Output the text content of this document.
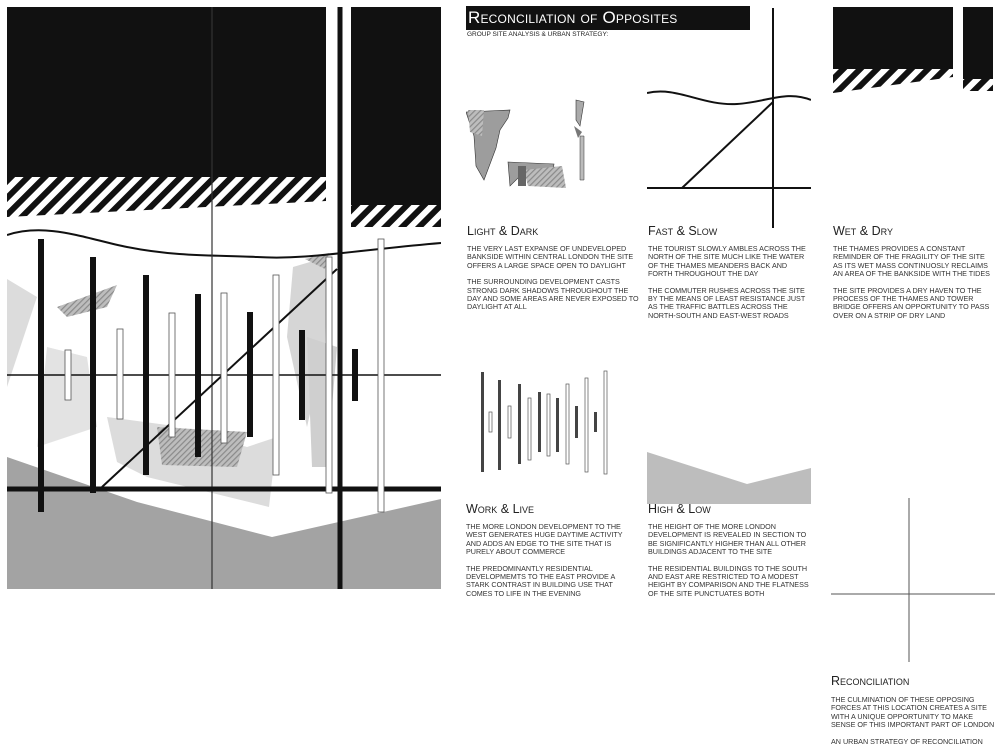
Reconciliation of Opposites
GROUP SITE ANALYSIS & URBAN STRATEGY:
Light & Dark

THE VERY LAST EXPANSE OF UNDEVELOPED BANKSIDE WITHIN CENTRAL LONDON THE SITE OFFERS A LARGE SPACE OPEN TO DAYLIGHT

THE SURROUNDING DEVELOPMENT CASTS STRONG DARK SHADOWS THROUGHOUT THE DAY AND SOME AREAS ARE NEVER EXPOSED TO DAYLIGHT AT ALL

Fast & Slow

THE TOURIST SLOWLY AMBLES ACROSS THE NORTH OF THE SITE MUCH LIKE THE WATER OF THE THAMES MEANDERS BACK AND FORTH THROUGHOUT THE DAY

THE COMMUTER RUSHES ACROSS THE SITE BY THE MEANS OF LEAST RESISTANCE JUST AS THE TRAFFIC BATTLES ACROSS THE NORTH-SOUTH AND EAST-WEST ROADS

Wet & Dry

THE THAMES PROVIDES A CONSTANT REMINDER OF THE FRAGILITY OF THE SITE AS ITS WET MASS CONTINUOSLY RECLAIMS AN AREA OF THE BANKSIDE WITH THE TIDES

THE SITE PROVIDES A DRY HAVEN TO THE PROCESS OF THE THAMES AND TOWER BRIDGE OFFERS AN OPPORTUNITY TO PASS OVER ON A STRIP OF DRY LAND

Work & Live

THE MORE LONDON DEVELOPMENT TO THE WEST GENERATES HUGE DAYTIME ACTIVITY AND ADDS AN EDGE TO THE SITE THAT IS PURELY ABOUT COMMERCE

THE PREDOMINANTLY RESIDENTIAL DEVELOPMEMTS TO THE EAST PROVIDE A STARK CONTRAST IN BUILDING USE THAT COMES TO LIFE IN THE EVENING

High & Low

THE HEIGHT OF THE MORE LONDON DEVELOPMENT IS REVEALED IN SECTION TO BE SIGNIFICANTLY HIGHER THAN ALL OTHER BUILDINGS ADJACENT TO THE SITE

THE RESIDENTIAL BUILDINGS TO THE SOUTH AND EAST ARE RESTRICTED TO A MODEST HEIGHT BY COMPARISON AND THE FLATNESS OF THE SITE PUNCTUATES BOTH

Reconciliation

THE CULMINATION OF THESE OPPOSING FORCES AT THIS LOCATION CREATES A SITE WITH A UNIQUE OPPORTUNITY TO MAKE SENSE OF THIS IMPORTANT PART OF LONDON

AN URBAN STRATEGY OF RECONCILIATION
